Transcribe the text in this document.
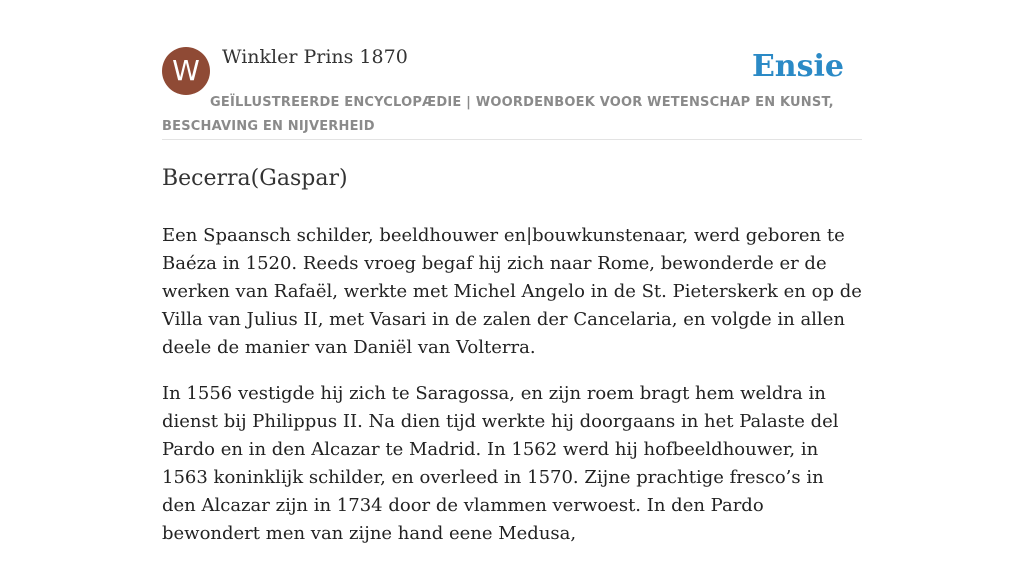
W	Winkler Prins 1870	Ensie

GEÏLLUSTREERDE ENCYCLOPÆDIE | WOORDENBOEK VOOR WETENSCHAP EN KUNST, BESCHAVING EN NIJVERHEID

Becerra(Gaspar)

Een Spaansch schilder, beeldhouwer en|bouwkunstenaar, werd geboren te Baéza in 1520. Reeds vroeg begaf hij zich naar Rome, bewonderde er de werken van Rafaël, werkte met Michel Angelo in de St. Pieterskerk en op de Villa van Julius II, met Vasari in de zalen der Cancelaria, en volgde in allen deele de manier van Daniël van Volterra.

In 1556 vestigde hij zich te Saragossa, en zijn roem bragt hem weldra in dienst bij Philippus II. Na dien tijd werkte hij doorgaans in het Palaste del Pardo en in den Alcazar te Madrid. In 1562 werd hij hofbeeldhouwer, in 1563 koninklijk schilder, en overleed in 1570. Zijne prachtige fresco’s in den Alcazar zijn in 1734 door de vlammen verwoest. In den Pardo bewondert men van zijne hand eene Medusa,
